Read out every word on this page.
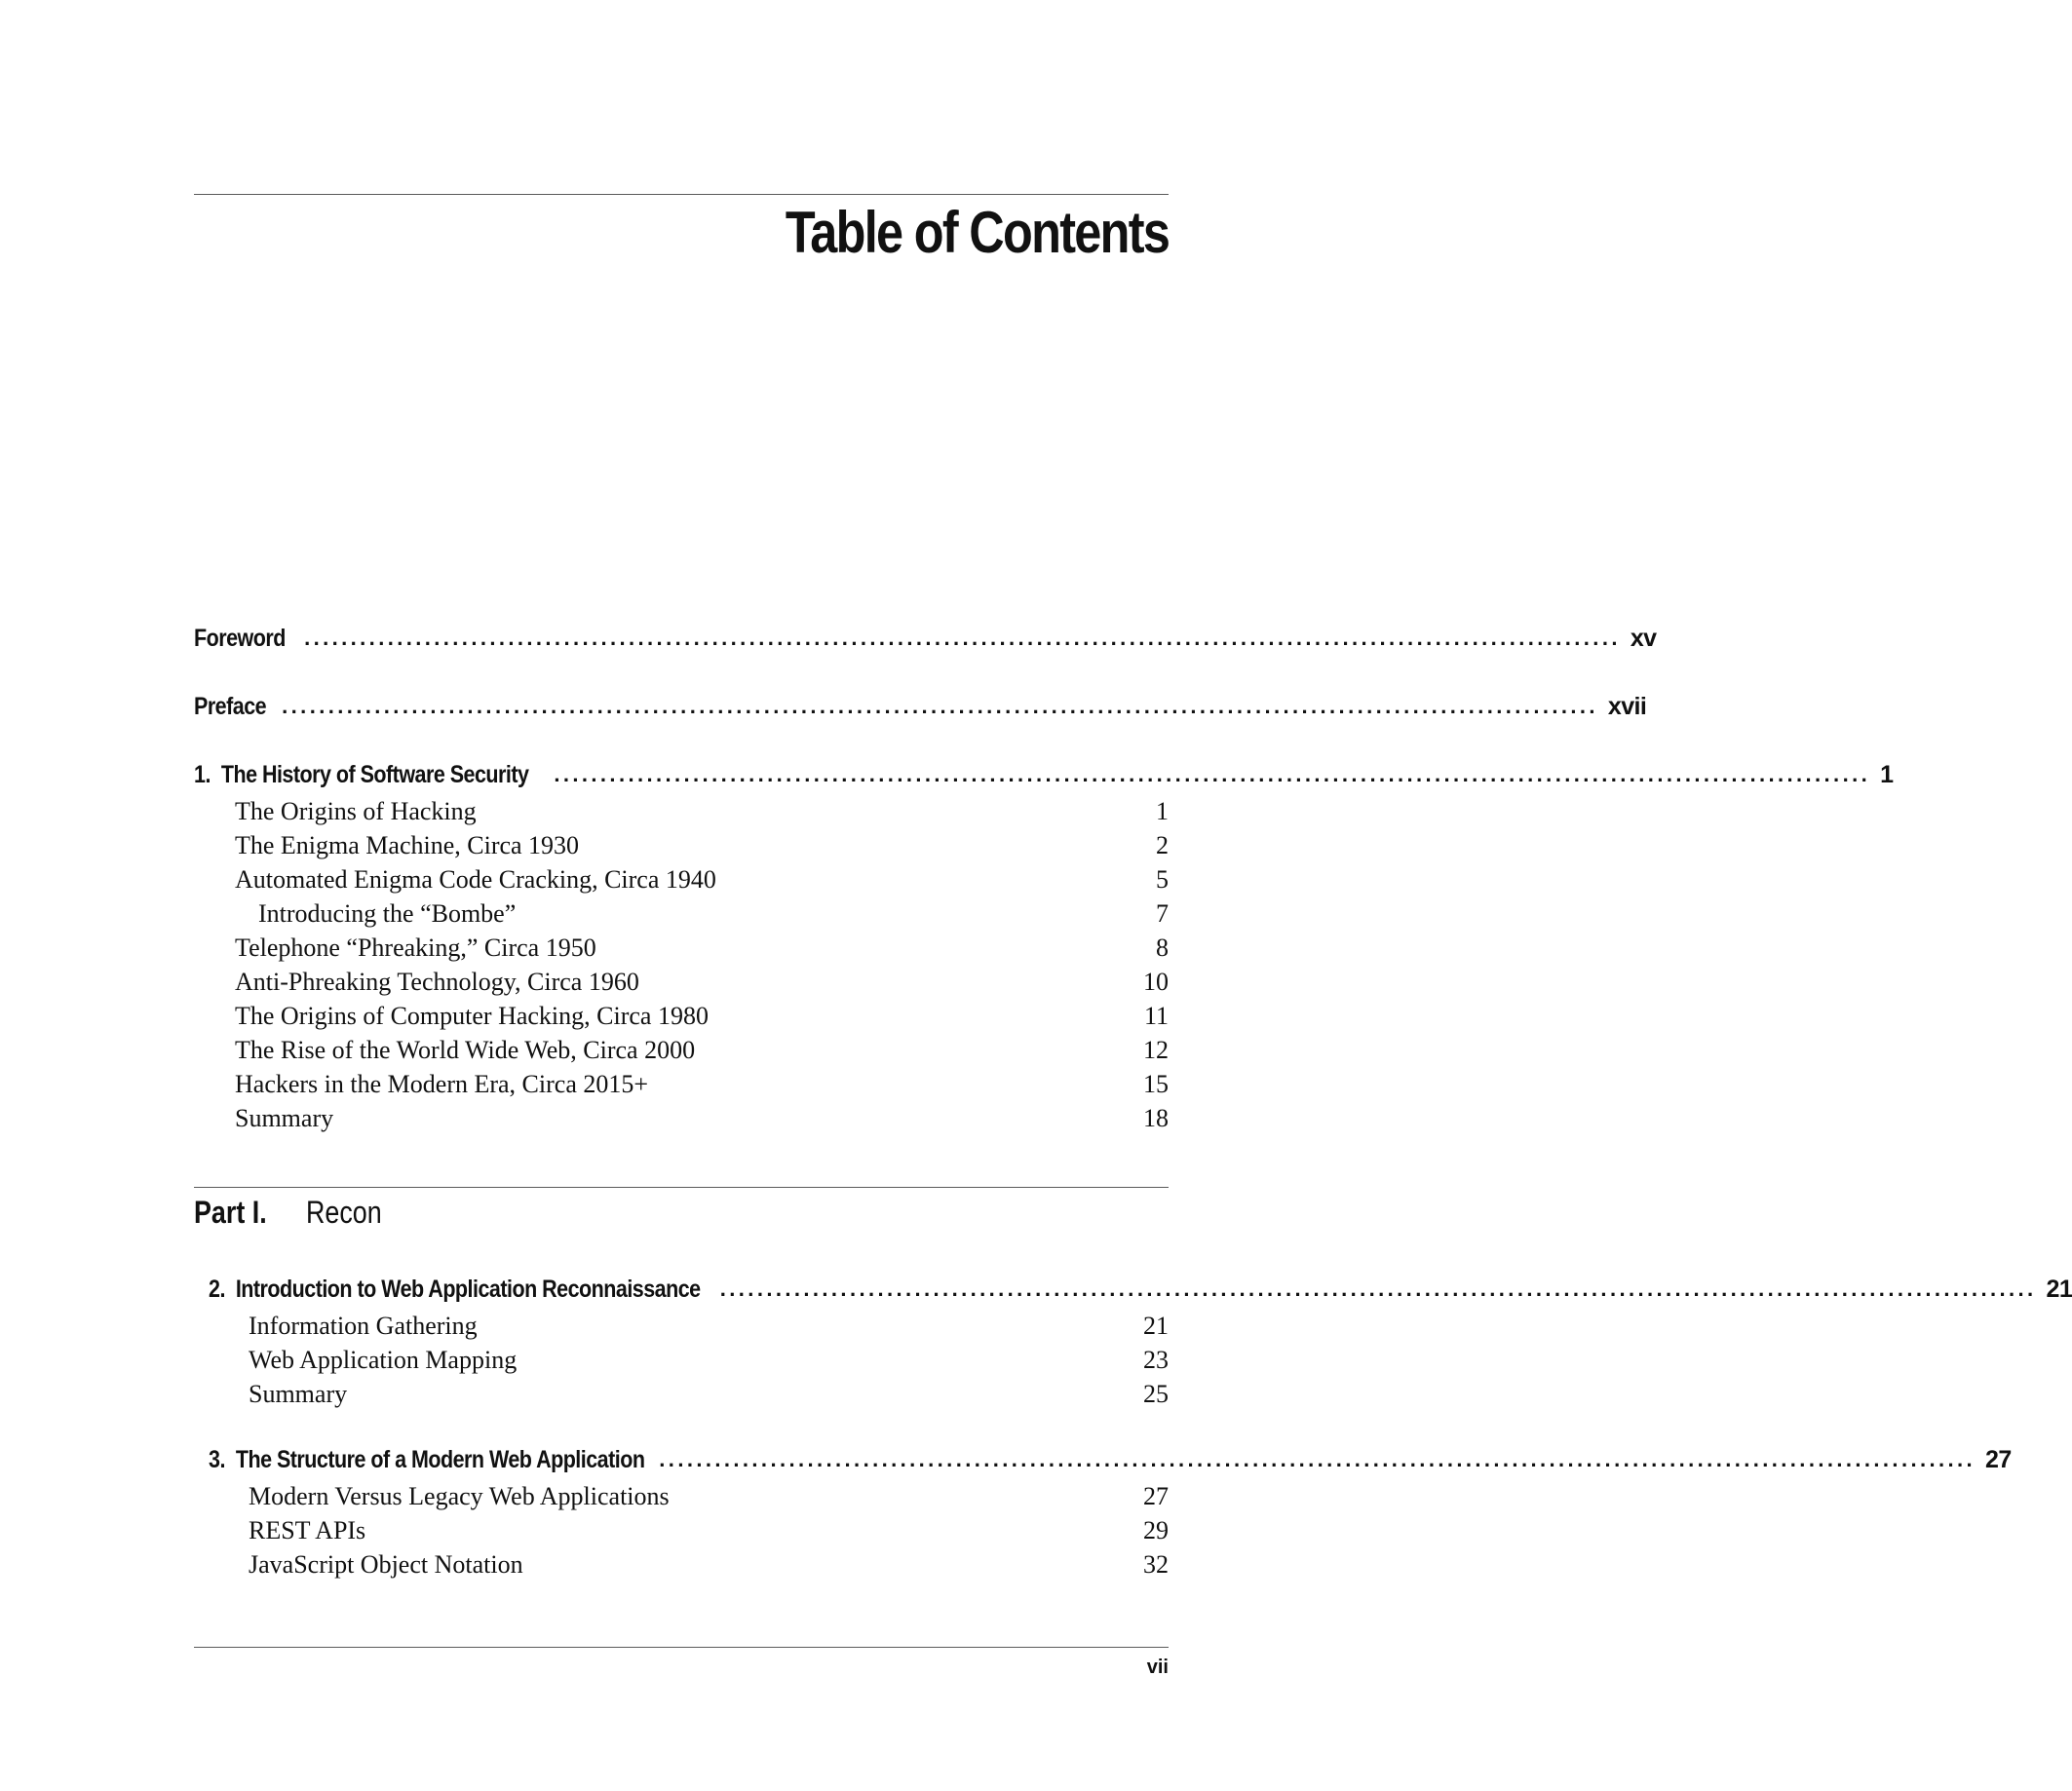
Table of Contents
Foreword .............................................................................................................................................. xv
Preface .............................................................................................................................................. xvii
1. The History of Software Security .............................................................................................................................................. 1
The Origins of Hacking	1
The Enigma Machine, Circa 1930	2
Automated Enigma Code Cracking, Circa 1940	5
Introducing the “Bombe”	7
Telephone “Phreaking,” Circa 1950	8
Anti-Phreaking Technology, Circa 1960	10
The Origins of Computer Hacking, Circa 1980	11
The Rise of the World Wide Web, Circa 2000	12
Hackers in the Modern Era, Circa 2015+	15
Summary	18
Part I. Recon
2. Introduction to Web Application Reconnaissance .............................................................................................................................................. 21
Information Gathering	21
Web Application Mapping	23
Summary	25
3. The Structure of a Modern Web Application .............................................................................................................................................. 27
Modern Versus Legacy Web Applications	27
REST APIs	29
JavaScript Object Notation	32
vii
